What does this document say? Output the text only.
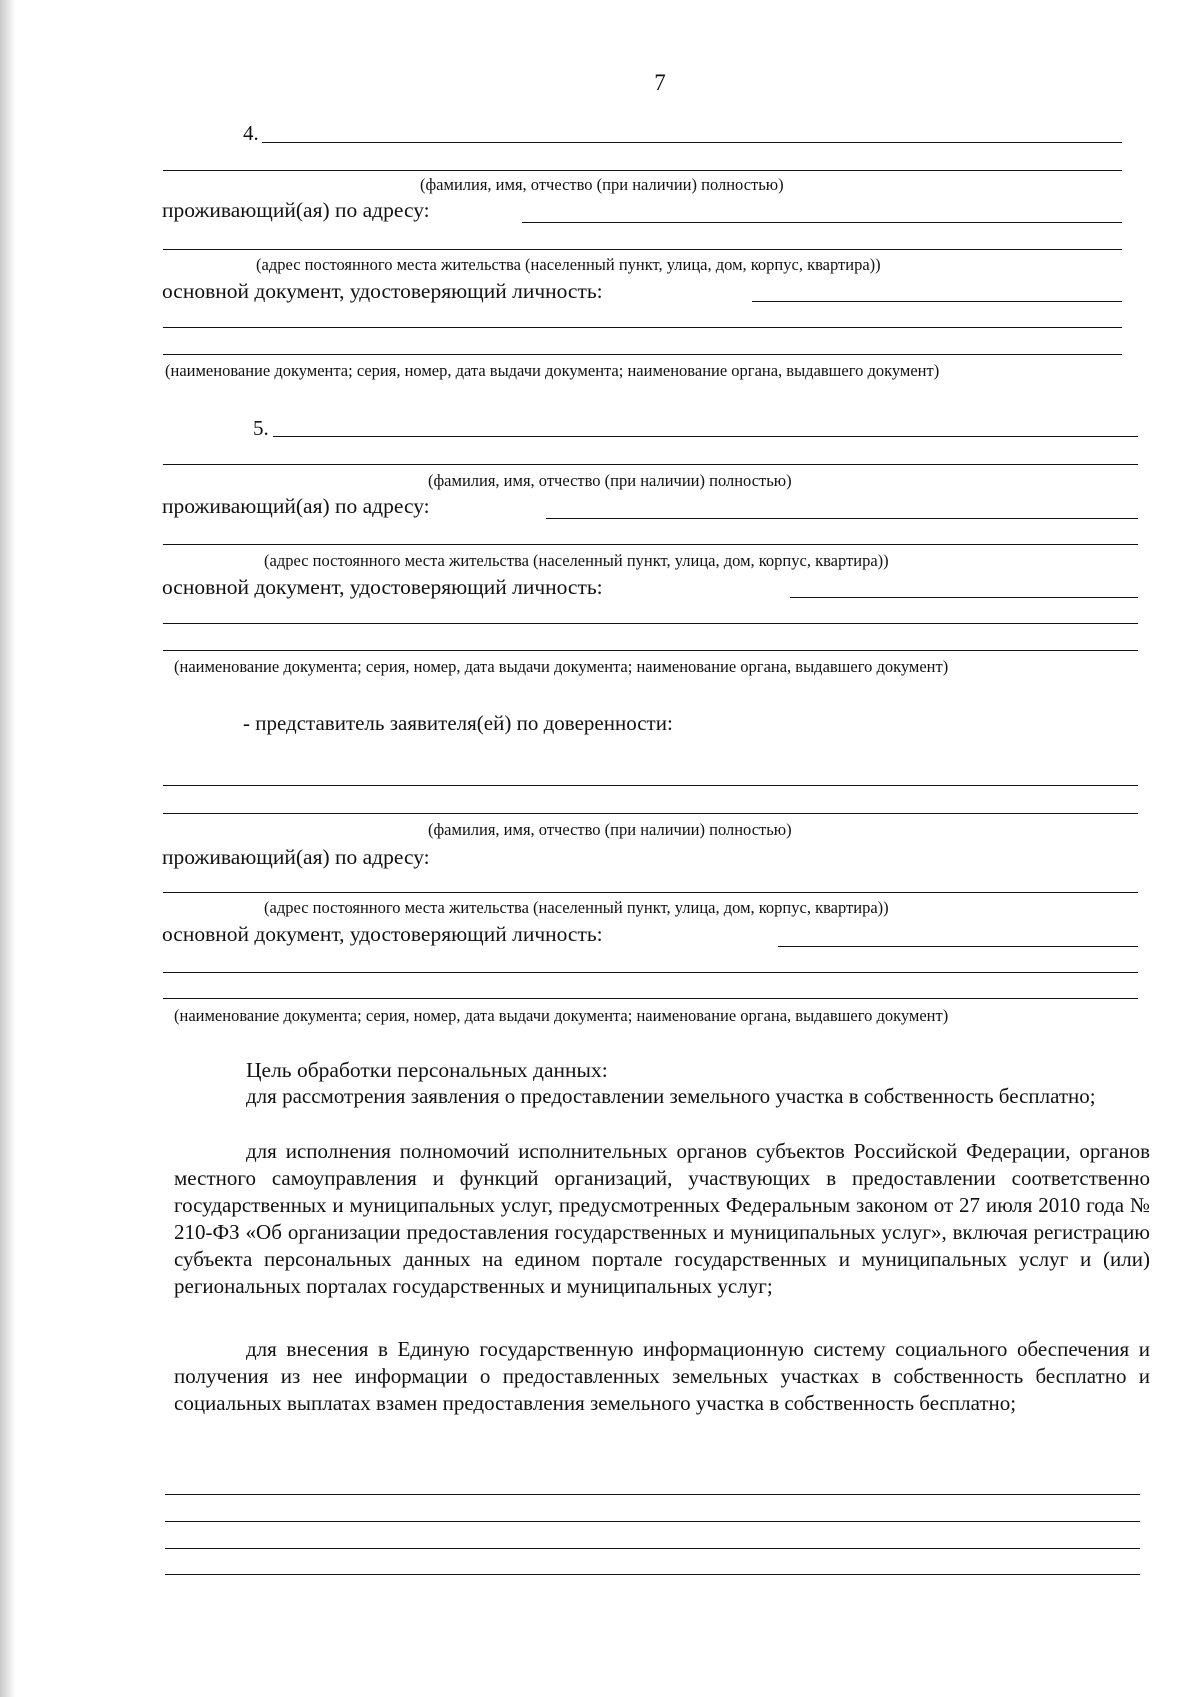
7
4.
(фамилия, имя, отчество (при наличии) полностью)
проживающий(ая) по адресу:
(адрес постоянного места жительства (населенный пункт, улица, дом, корпус, квартира))
основной документ, удостоверяющий личность:
(наименование документа; серия, номер, дата выдачи документа; наименование органа, выдавшего документ)
5.
(фамилия, имя, отчество (при наличии) полностью)
проживающий(ая) по адресу:
(адрес постоянного места жительства (населенный пункт, улица, дом, корпус, квартира))
основной документ, удостоверяющий личность:
(наименование документа; серия, номер, дата выдачи документа; наименование органа, выдавшего документ)
- представитель заявителя(ей) по доверенности:
(фамилия, имя, отчество (при наличии) полностью)
проживающий(ая) по адресу:
(адрес постоянного места жительства (населенный пункт, улица, дом, корпус, квартира))
основной документ, удостоверяющий личность:
(наименование документа; серия, номер, дата выдачи документа; наименование органа, выдавшего документ)
Цель обработки персональных данных:

для рассмотрения заявления о предоставлении земельного участка в собственность бесплатно;

для исполнения полномочий исполнительных органов субъектов Российской Федерации, органов местного самоуправления и функций организаций, участвующих в предоставлении соответственно государственных и муниципальных услуг, предусмотренных Федеральным законом от 27 июля 2010 года № 210-ФЗ «Об организации предоставления государственных и муниципальных услуг», включая регистрацию субъекта персональных данных на едином портале государственных и муниципальных услуг и (или) региональных порталах государственных и муниципальных услуг;

для внесения в Единую государственную информационную систему социального обеспечения и получения из нее информации о предоставленных земельных участках в собственность бесплатно и социальных выплатах взамен предоставления земельного участка в собственность бесплатно;
